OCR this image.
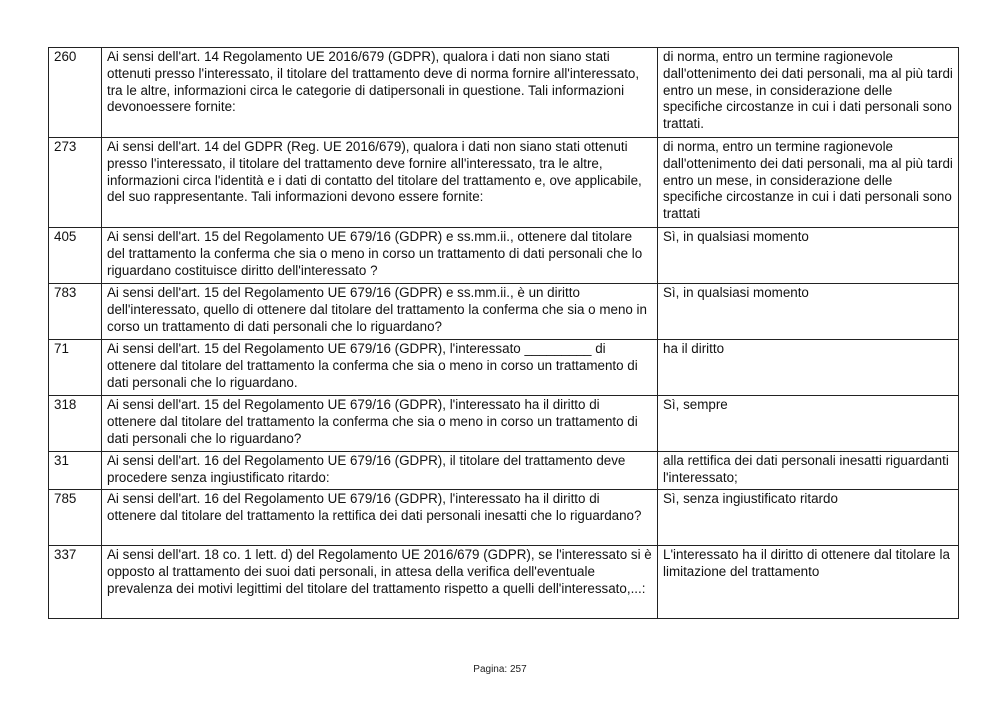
260	Ai sensi dell'art. 14 Regolamento UE 2016/679 (GDPR), qualora i dati non siano stati ottenuti presso l'interessato, il titolare del trattamento deve di norma fornire all'interessato, tra le altre, informazioni circa le categorie di datipersonali in questione. Tali informazioni devonoessere fornite:	di norma, entro un termine ragionevole dall'ottenimento dei dati personali, ma al più tardi entro un mese, in considerazione delle specifiche circostanze in cui i dati personali sono trattati.
273	Ai sensi dell'art. 14 del GDPR (Reg. UE 2016/679), qualora i dati non siano stati ottenuti presso l'interessato, il titolare del trattamento deve fornire all'interessato, tra le altre, informazioni circa l'identità e i dati di contatto del titolare del trattamento e, ove applicabile, del suo rappresentante. Tali informazioni devono essere fornite:	di norma, entro un termine ragionevole dall'ottenimento dei dati personali, ma al più tardi entro un mese, in considerazione delle specifiche circostanze in cui i dati personali sono trattati
405	Ai sensi dell'art. 15 del Regolamento UE 679/16 (GDPR) e ss.mm.ii., ottenere dal titolare del trattamento la conferma che sia o meno in corso un trattamento di dati personali che lo riguardano costituisce diritto dell'interessato ?	Sì, in qualsiasi momento
783	Ai sensi dell'art. 15 del Regolamento UE 679/16 (GDPR) e ss.mm.ii., è un diritto dell'interessato, quello di ottenere dal titolare del trattamento la conferma che sia o meno in corso un trattamento di dati personali che lo riguardano?	Sì, in qualsiasi momento
71	Ai sensi dell'art. 15 del Regolamento UE 679/16 (GDPR), l'interessato _________ di ottenere dal titolare del trattamento la conferma che sia o meno in corso un trattamento di dati personali che lo riguardano.	ha il diritto
318	Ai sensi dell'art. 15 del Regolamento UE 679/16 (GDPR), l'interessato ha il diritto di ottenere dal titolare del trattamento la conferma che sia o meno in corso un trattamento di dati personali che lo riguardano?	Sì, sempre
31	Ai sensi dell'art. 16 del Regolamento UE 679/16 (GDPR), il titolare del trattamento deve procedere senza ingiustificato ritardo:	alla rettifica dei dati personali inesatti riguardanti l'interessato;
785	Ai sensi dell'art. 16 del Regolamento UE 679/16 (GDPR), l'interessato ha il diritto di ottenere dal titolare del trattamento la rettifica dei dati personali inesatti che lo riguardano?	Sì, senza ingiustificato ritardo
337	Ai sensi dell'art. 18 co. 1 lett. d) del Regolamento UE 2016/679 (GDPR), se l'interessato si è opposto al trattamento dei suoi dati personali, in attesa della verifica dell'eventuale prevalenza dei motivi legittimi del titolare del trattamento rispetto a quelli dell'interessato,...:	L'interessato ha il diritto di ottenere dal titolare la limitazione del trattamento
Pagina: 257
